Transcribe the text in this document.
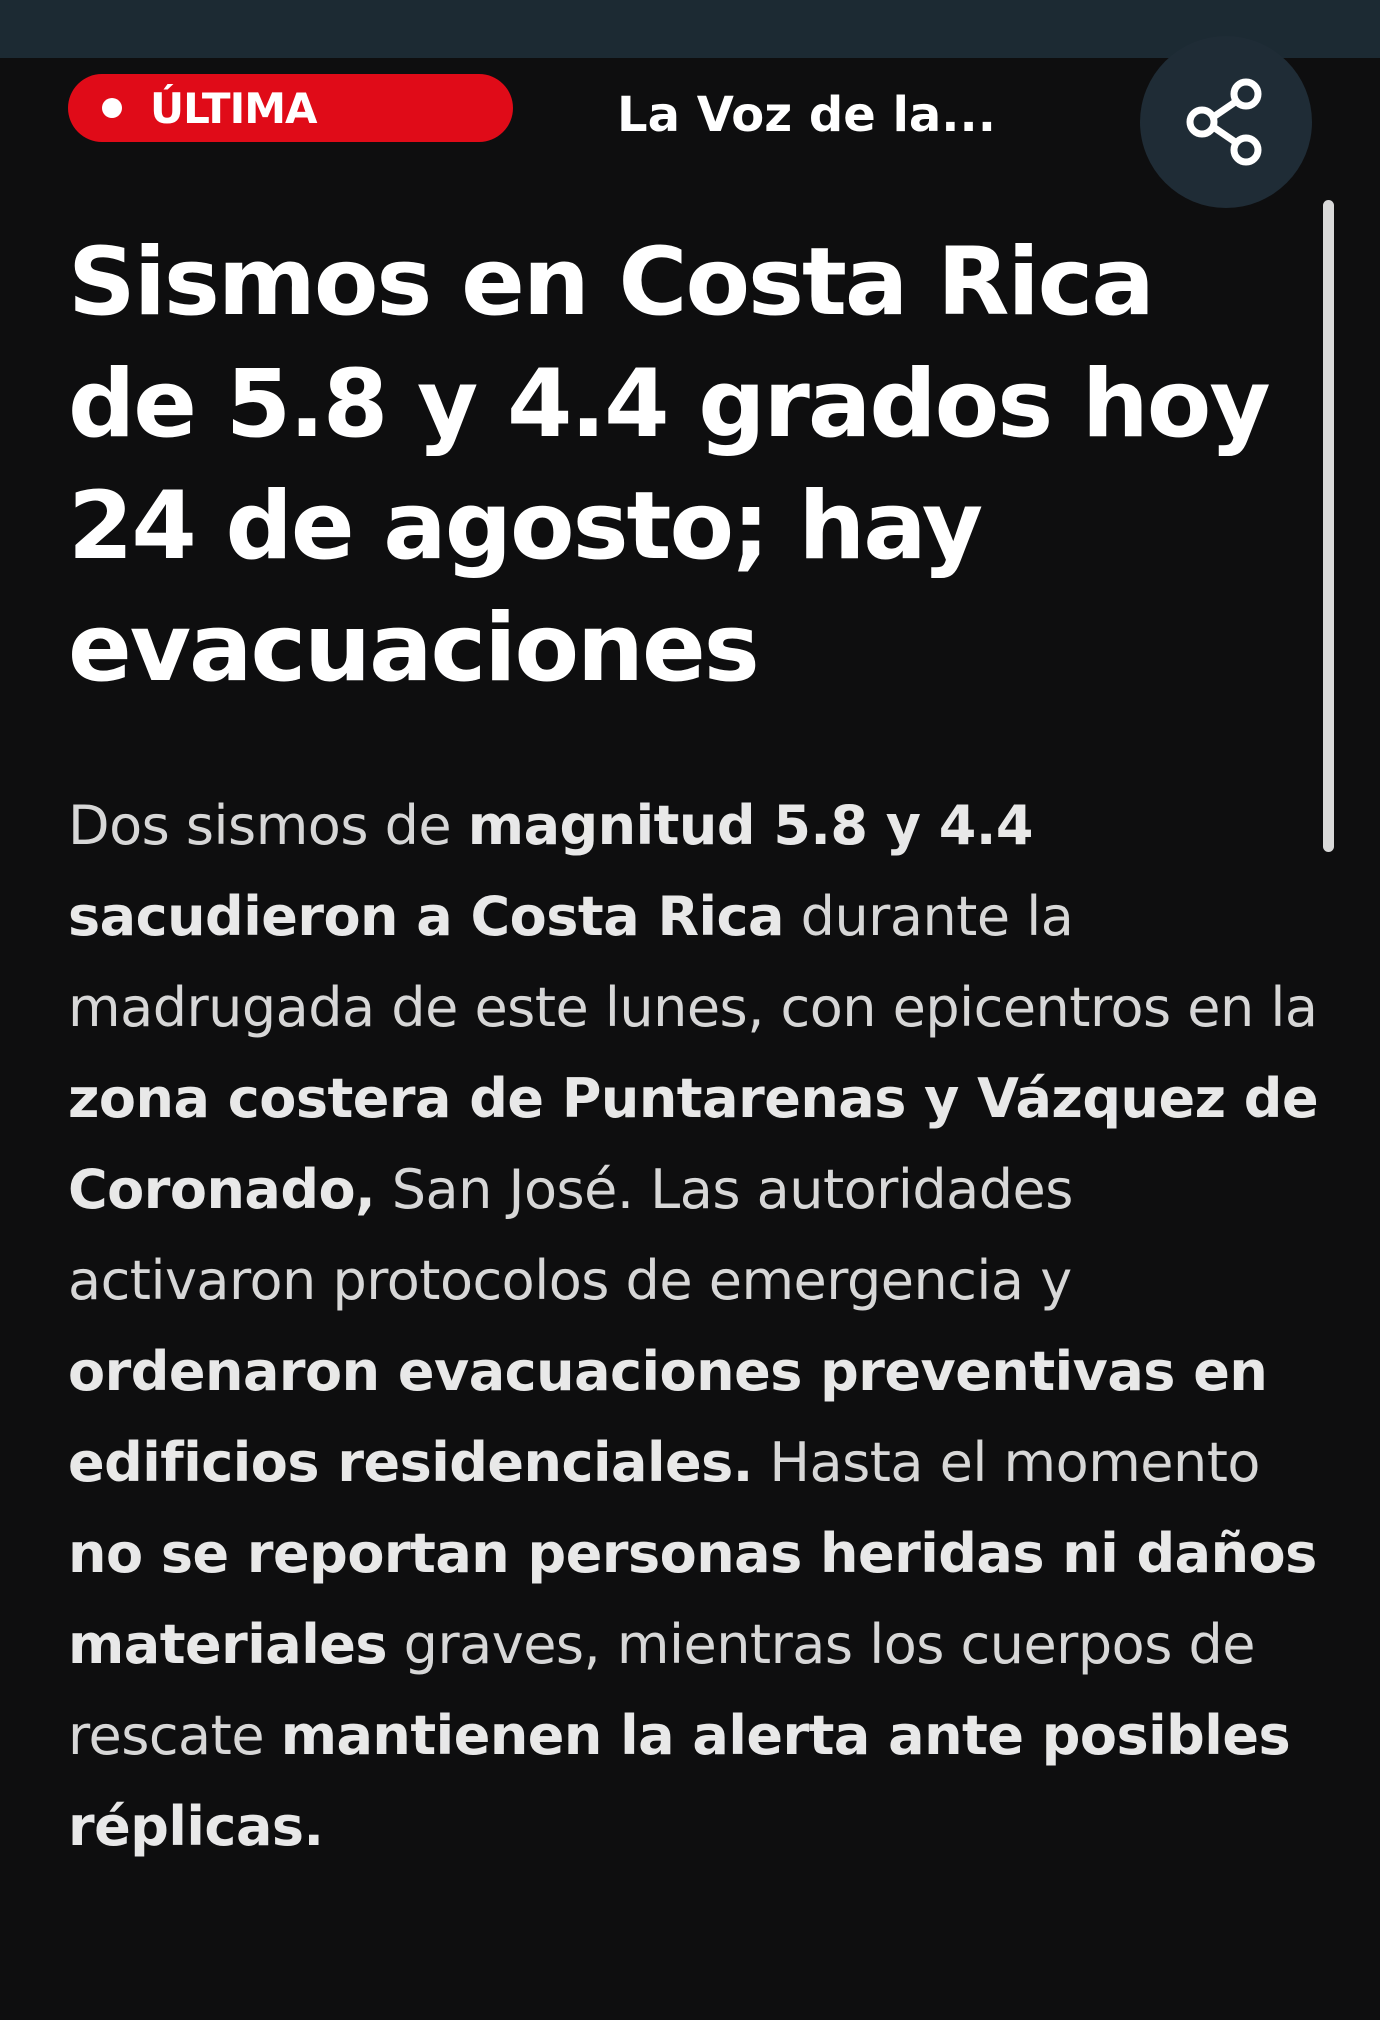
ÚLTIMA	La Voz de la...
Sismos en Costa Rica de 5.8 y 4.4 grados hoy 24 de agosto; hay evacuaciones

Dos sismos de magnitud 5.8 y 4.4 sacudieron a Costa Rica durante la madrugada de este lunes, con epicentros en la zona costera de Puntarenas y Vázquez de Coronado, San José. Las autoridades activaron protocolos de emergencia y ordenaron evacuaciones preventivas en edificios residenciales. Hasta el momento no se reportan personas heridas ni daños materiales graves, mientras los cuerpos de rescate mantienen la alerta ante posibles réplicas.
